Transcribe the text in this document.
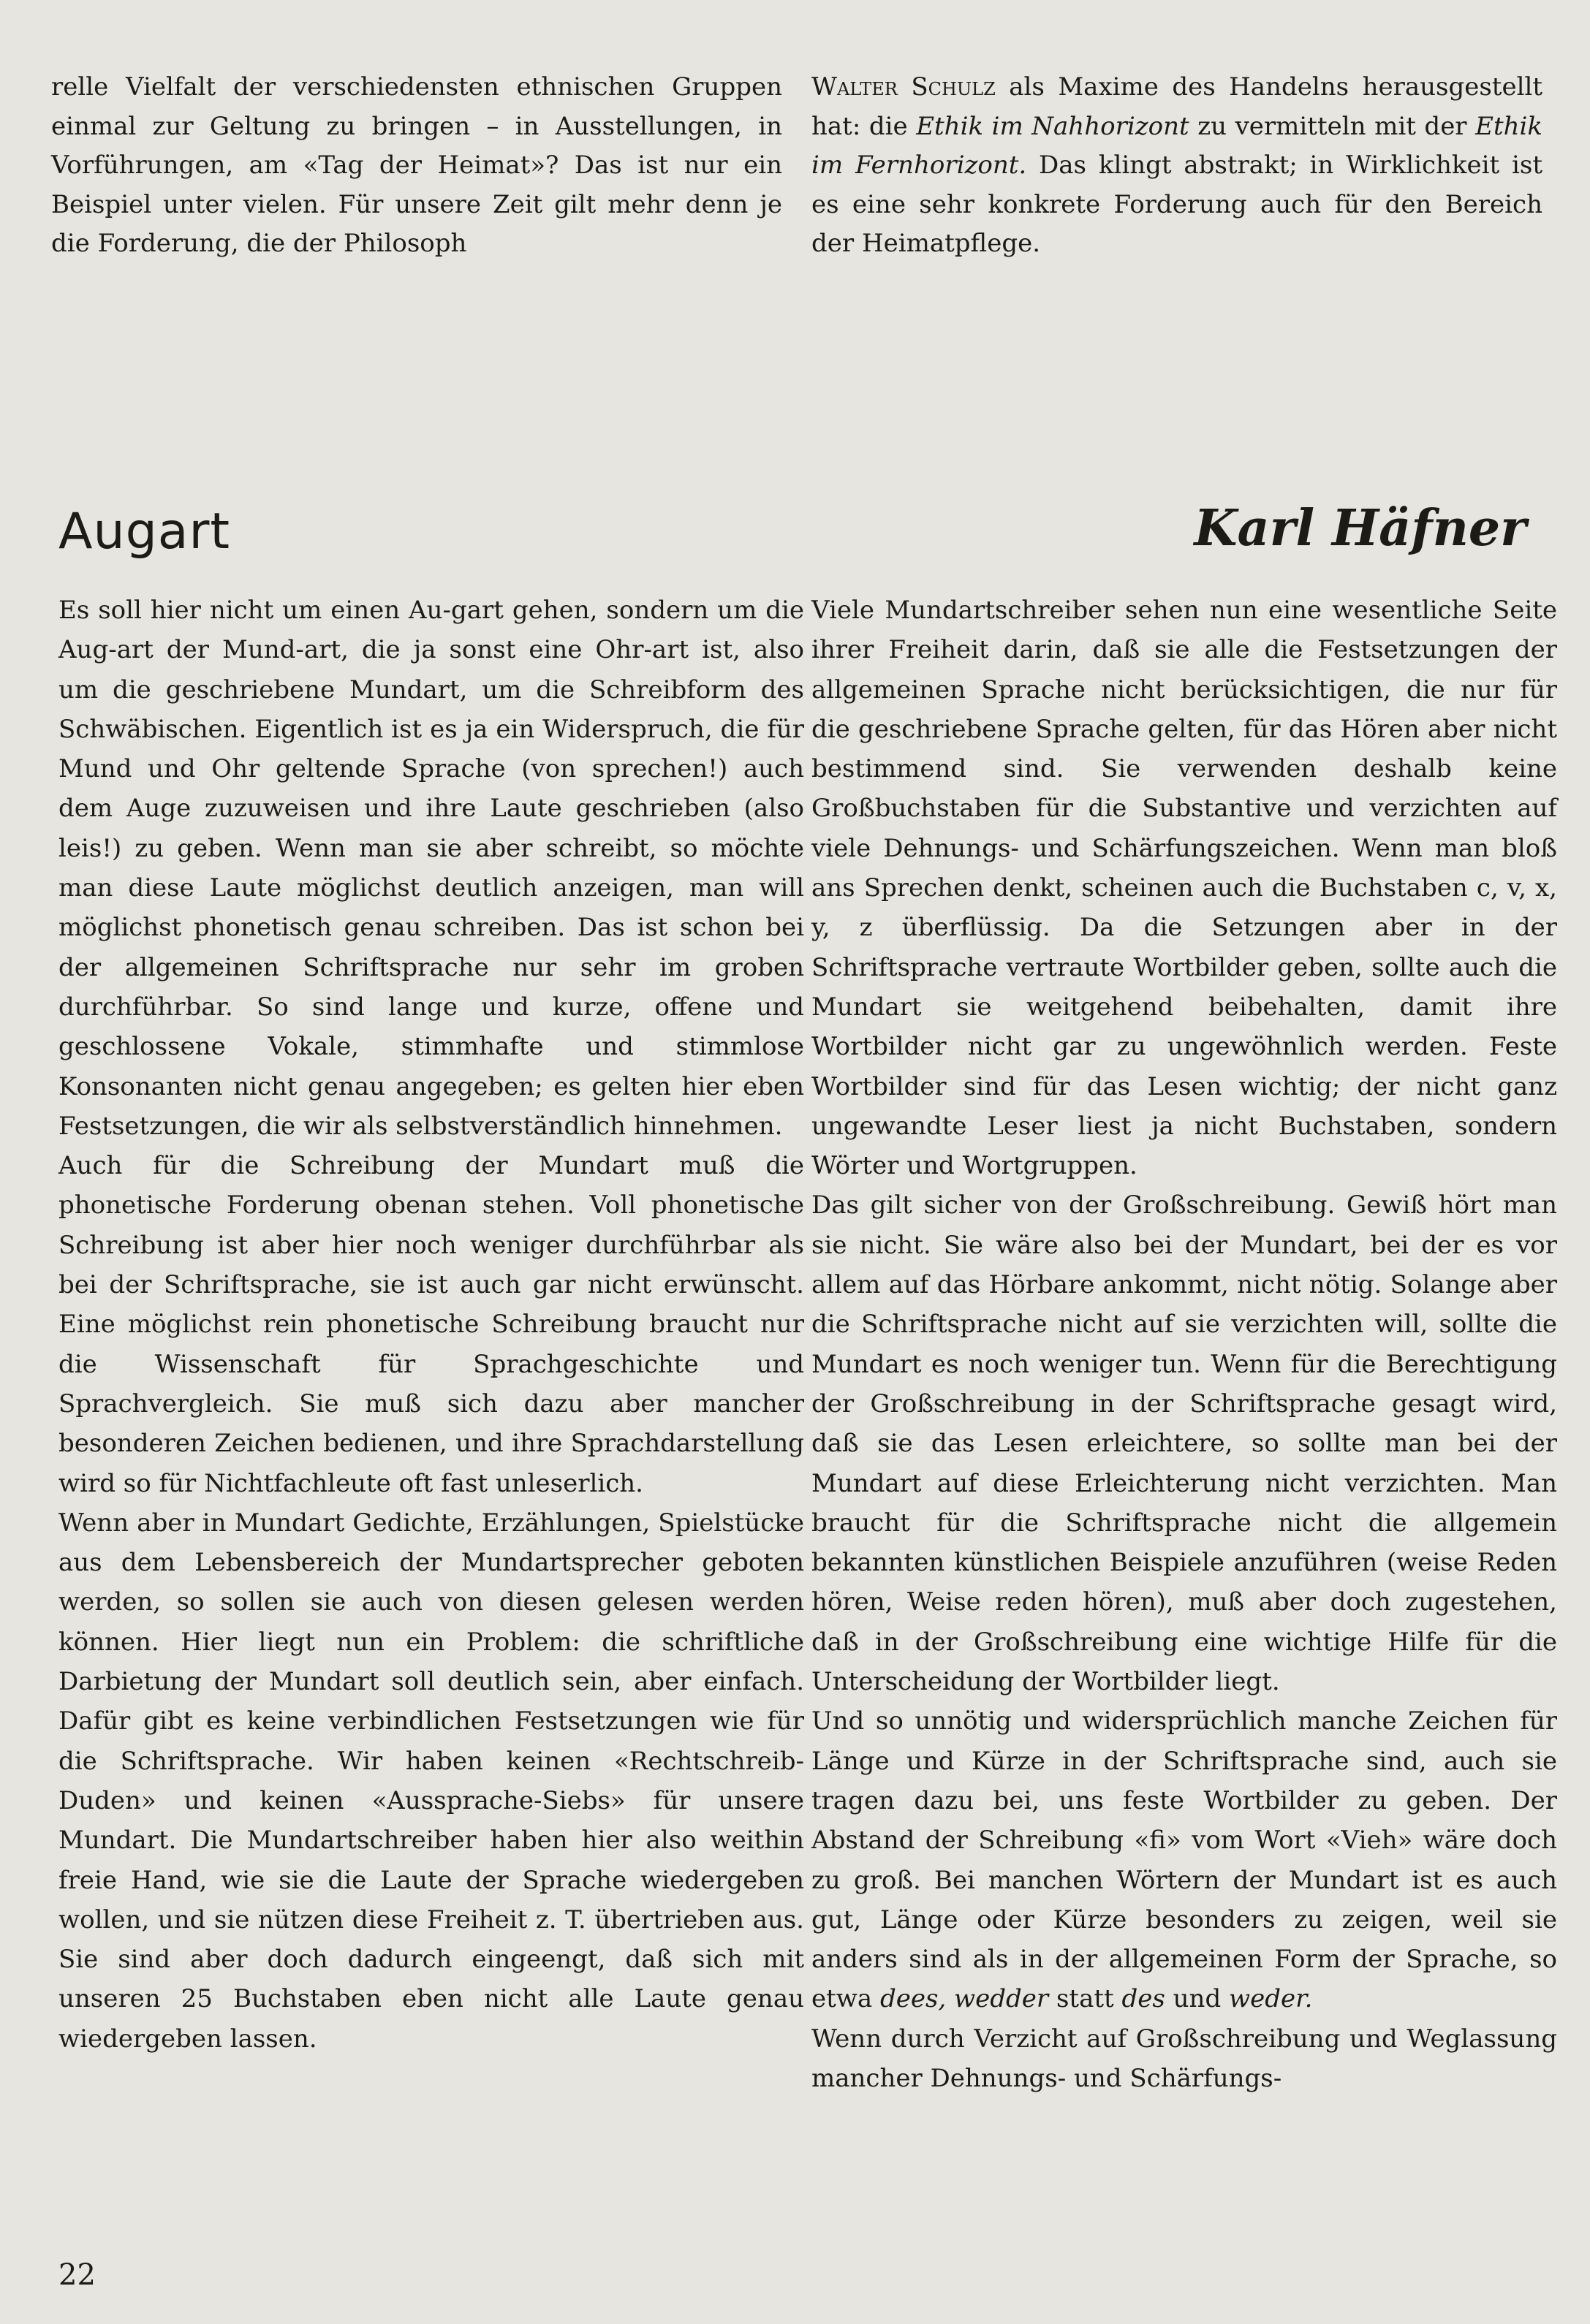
relle Vielfalt der verschiedensten ethnischen Gruppen einmal zur Geltung zu bringen – in Ausstellungen, in Vorführungen, am «Tag der Heimat»? Das ist nur ein Beispiel unter vielen. Für unsere Zeit gilt mehr denn je die Forderung, die der Philosoph

Walter Schulz als Maxime des Handelns herausgestellt hat: die Ethik im Nahhorizont zu vermitteln mit der Ethik im Fernhorizont. Das klingt abstrakt; in Wirklichkeit ist es eine sehr konkrete Forderung auch für den Bereich der Heimatpflege.

Augart	Karl Häfner

Es soll hier nicht um einen Au-gart gehen, sondern um die Aug-art der Mund-art, die ja sonst eine Ohr-art ist, also um die geschriebene Mundart, um die Schreibform des Schwäbischen. Eigentlich ist es ja ein Widerspruch, die für Mund und Ohr geltende Sprache (von sprechen!) auch dem Auge zuzuweisen und ihre Laute geschrieben (also leis!) zu geben. Wenn man sie aber schreibt, so möchte man diese Laute möglichst deutlich anzeigen, man will möglichst phonetisch genau schreiben. Das ist schon bei der allgemeinen Schriftsprache nur sehr im groben durchführbar. So sind lange und kurze, offene und geschlossene Vokale, stimmhafte und stimmlose Konsonanten nicht genau angegeben; es gelten hier eben Festsetzungen, die wir als selbstverständlich hinnehmen.

Auch für die Schreibung der Mundart muß die phonetische Forderung obenan stehen. Voll phonetische Schreibung ist aber hier noch weniger durchführbar als bei der Schriftsprache, sie ist auch gar nicht erwünscht. Eine möglichst rein phonetische Schreibung braucht nur die Wissenschaft für Sprachgeschichte und Sprachvergleich. Sie muß sich dazu aber mancher besonderen Zeichen bedienen, und ihre Sprachdarstellung wird so für Nichtfachleute oft fast unleserlich.

Wenn aber in Mundart Gedichte, Erzählungen, Spielstücke aus dem Lebensbereich der Mundartsprecher geboten werden, so sollen sie auch von diesen gelesen werden können. Hier liegt nun ein Problem: die schriftliche Darbietung der Mundart soll deutlich sein, aber einfach. Dafür gibt es keine verbindlichen Festsetzungen wie für die Schriftsprache. Wir haben keinen «Rechtschreib-Duden» und keinen «Aussprache-Siebs» für unsere Mundart. Die Mundartschreiber haben hier also weithin freie Hand, wie sie die Laute der Sprache wiedergeben wollen, und sie nützen diese Freiheit z. T. übertrieben aus. Sie sind aber doch dadurch eingeengt, daß sich mit unseren 25 Buchstaben eben nicht alle Laute genau wiedergeben lassen.

Viele Mundartschreiber sehen nun eine wesentliche Seite ihrer Freiheit darin, daß sie alle die Festsetzungen der allgemeinen Sprache nicht berücksichtigen, die nur für die geschriebene Sprache gelten, für das Hören aber nicht bestimmend sind. Sie verwenden deshalb keine Großbuchstaben für die Substantive und verzichten auf viele Dehnungs- und Schärfungszeichen. Wenn man bloß ans Sprechen denkt, scheinen auch die Buchstaben c, v, x, y, z überflüssig. Da die Setzungen aber in der Schriftsprache vertraute Wortbilder geben, sollte auch die Mundart sie weitgehend beibehalten, damit ihre Wortbilder nicht gar zu ungewöhnlich werden. Feste Wortbilder sind für das Lesen wichtig; der nicht ganz ungewandte Leser liest ja nicht Buchstaben, sondern Wörter und Wortgruppen.

Das gilt sicher von der Großschreibung. Gewiß hört man sie nicht. Sie wäre also bei der Mundart, bei der es vor allem auf das Hörbare ankommt, nicht nötig. Solange aber die Schriftsprache nicht auf sie verzichten will, sollte die Mundart es noch weniger tun. Wenn für die Berechtigung der Großschreibung in der Schriftsprache gesagt wird, daß sie das Lesen erleichtere, so sollte man bei der Mundart auf diese Erleichterung nicht verzichten. Man braucht für die Schriftsprache nicht die allgemein bekannten künstlichen Beispiele anzuführen (weise Reden hören, Weise reden hören), muß aber doch zugestehen, daß in der Großschreibung eine wichtige Hilfe für die Unterscheidung der Wortbilder liegt.

Und so unnötig und widersprüchlich manche Zeichen für Länge und Kürze in der Schriftsprache sind, auch sie tragen dazu bei, uns feste Wortbilder zu geben. Der Abstand der Schreibung «fi» vom Wort «Vieh» wäre doch zu groß. Bei manchen Wörtern der Mundart ist es auch gut, Länge oder Kürze besonders zu zeigen, weil sie anders sind als in der allgemeinen Form der Sprache, so etwa dees, wedder statt des und weder.

Wenn durch Verzicht auf Großschreibung und Weglassung mancher Dehnungs- und Schärfungs-

22
